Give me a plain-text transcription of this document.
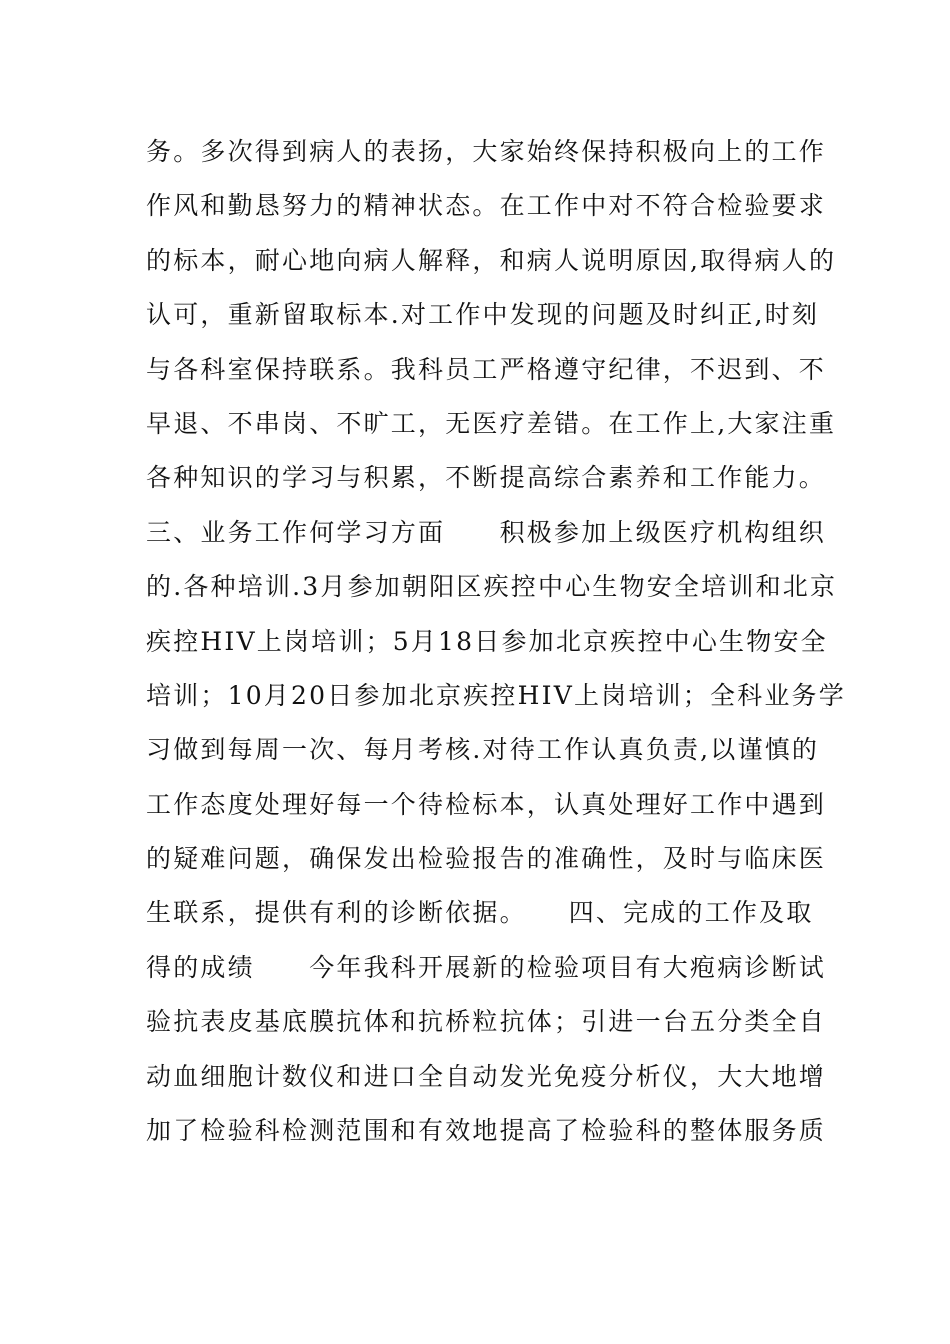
务。多次得到病人的表扬，大家始终保持积极向上的工作
作风和勤恳努力的精神状态。在工作中对不符合检验要求
的标本，耐心地向病人解释，和病人说明原因,取得病人的
认可，重新留取标本.对工作中发现的问题及时纠正,时刻
与各科室保持联系。我科员工严格遵守纪律，不迟到、不
早退、不串岗、不旷工，无医疗差错。在工作上,大家注重
各种知识的学习与积累，不断提高综合素养和工作能力。
三、业务工作何学习方面　　积极参加上级医疗机构组织
的.各种培训.3月参加朝阳区疾控中心生物安全培训和北京
疾控HIV上岗培训；5月18日参加北京疾控中心生物安全
培训；10月20日参加北京疾控HIV上岗培训；全科业务学
习做到每周一次、每月考核.对待工作认真负责,以谨慎的
工作态度处理好每一个待检标本，认真处理好工作中遇到
的疑难问题，确保发出检验报告的准确性，及时与临床医
生联系，提供有利的诊断依据。　　四、完成的工作及取
得的成绩　　今年我科开展新的检验项目有大疱病诊断试
验抗表皮基底膜抗体和抗桥粒抗体；引进一台五分类全自
动血细胞计数仪和进口全自动发光免疫分析仪，大大地增
加了检验科检测范围和有效地提高了检验科的整体服务质
